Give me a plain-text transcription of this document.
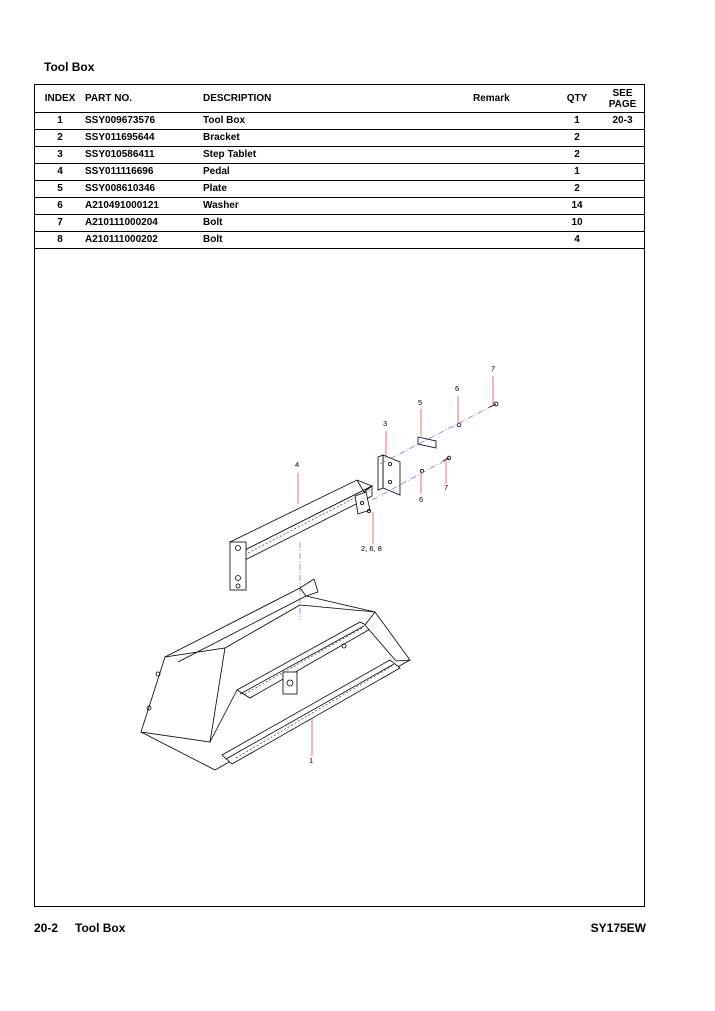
Tool Box
INDEX	PART NO.	DESCRIPTION	Remark	QTY	SEE
PAGE

1	SSY009673576	Tool Box		1	20-3
2	SSY011695644	Bracket		2	
3	SSY010586411	Step Tablet		2	
4	SSY011116696	Pedal		1	
5	SSY008610346	Plate		2	
6	A210491000121	Washer		14	
7	A210111000204	Bolt		10	
8	A210111000202	Bolt		4	
7
6
5
3
4
6
7
2, 6, 8
1
20-2 Tool Box	SY175EW
